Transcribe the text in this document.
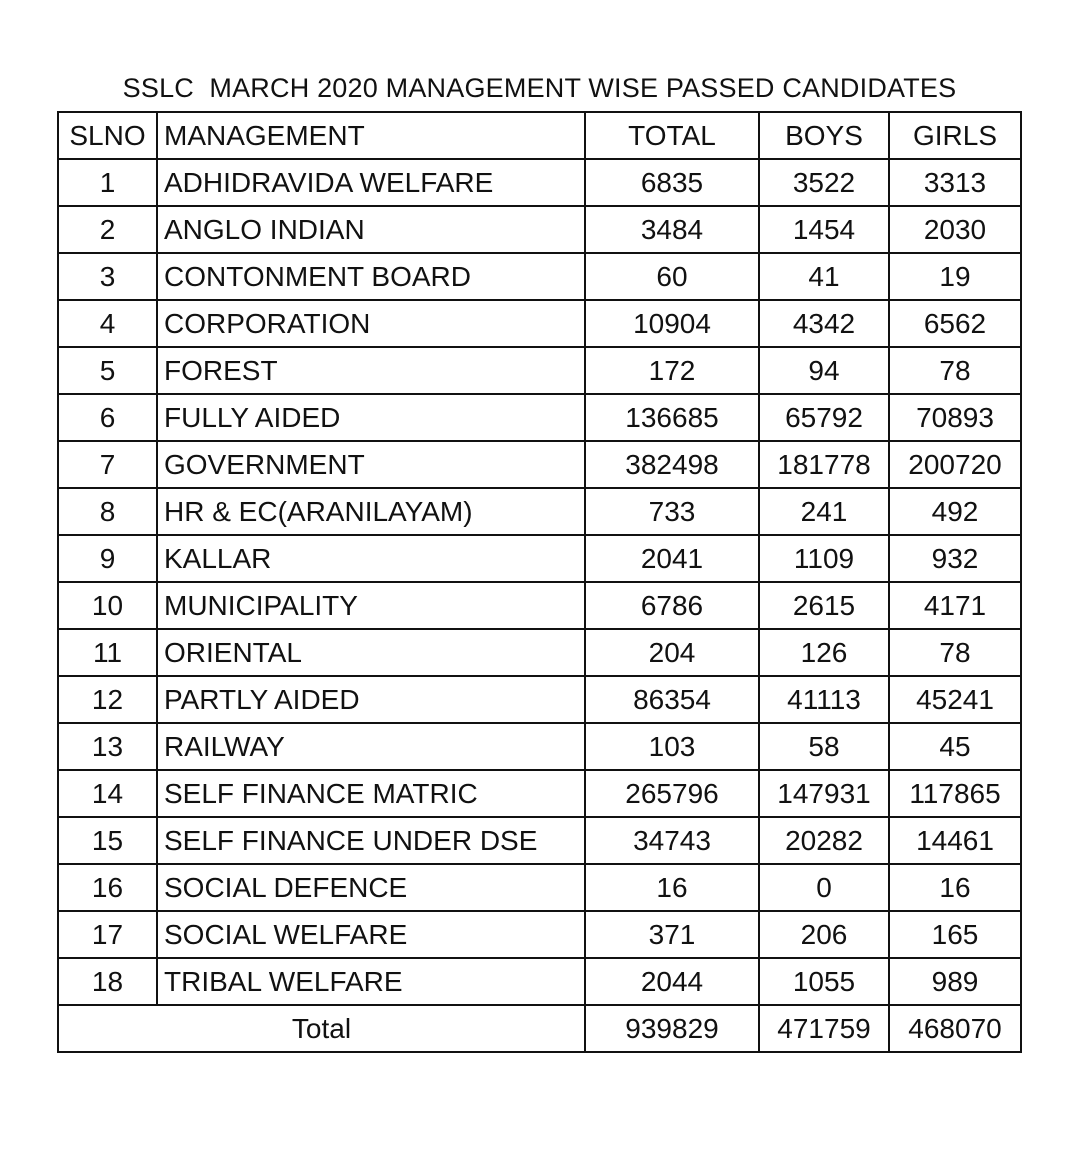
SSLC  MARCH 2020 MANAGEMENT WISE PASSED CANDIDATES
SLNO	MANAGEMENT	TOTAL	BOYS	GIRLS
1	ADHIDRAVIDA WELFARE	6835	3522	3313
2	ANGLO INDIAN	3484	1454	2030
3	CONTONMENT BOARD	60	41	19
4	CORPORATION	10904	4342	6562
5	FOREST	172	94	78
6	FULLY AIDED	136685	65792	70893
7	GOVERNMENT	382498	181778	200720
8	HR & EC(ARANILAYAM)	733	241	492
9	KALLAR	2041	1109	932
10	MUNICIPALITY	6786	2615	4171
11	ORIENTAL	204	126	78
12	PARTLY AIDED	86354	41113	45241
13	RAILWAY	103	58	45
14	SELF FINANCE MATRIC	265796	147931	117865
15	SELF FINANCE UNDER DSE	34743	20282	14461
16	SOCIAL DEFENCE	16	0	16
17	SOCIAL WELFARE	371	206	165
18	TRIBAL WELFARE	2044	1055	989
Total		939829	471759	468070
